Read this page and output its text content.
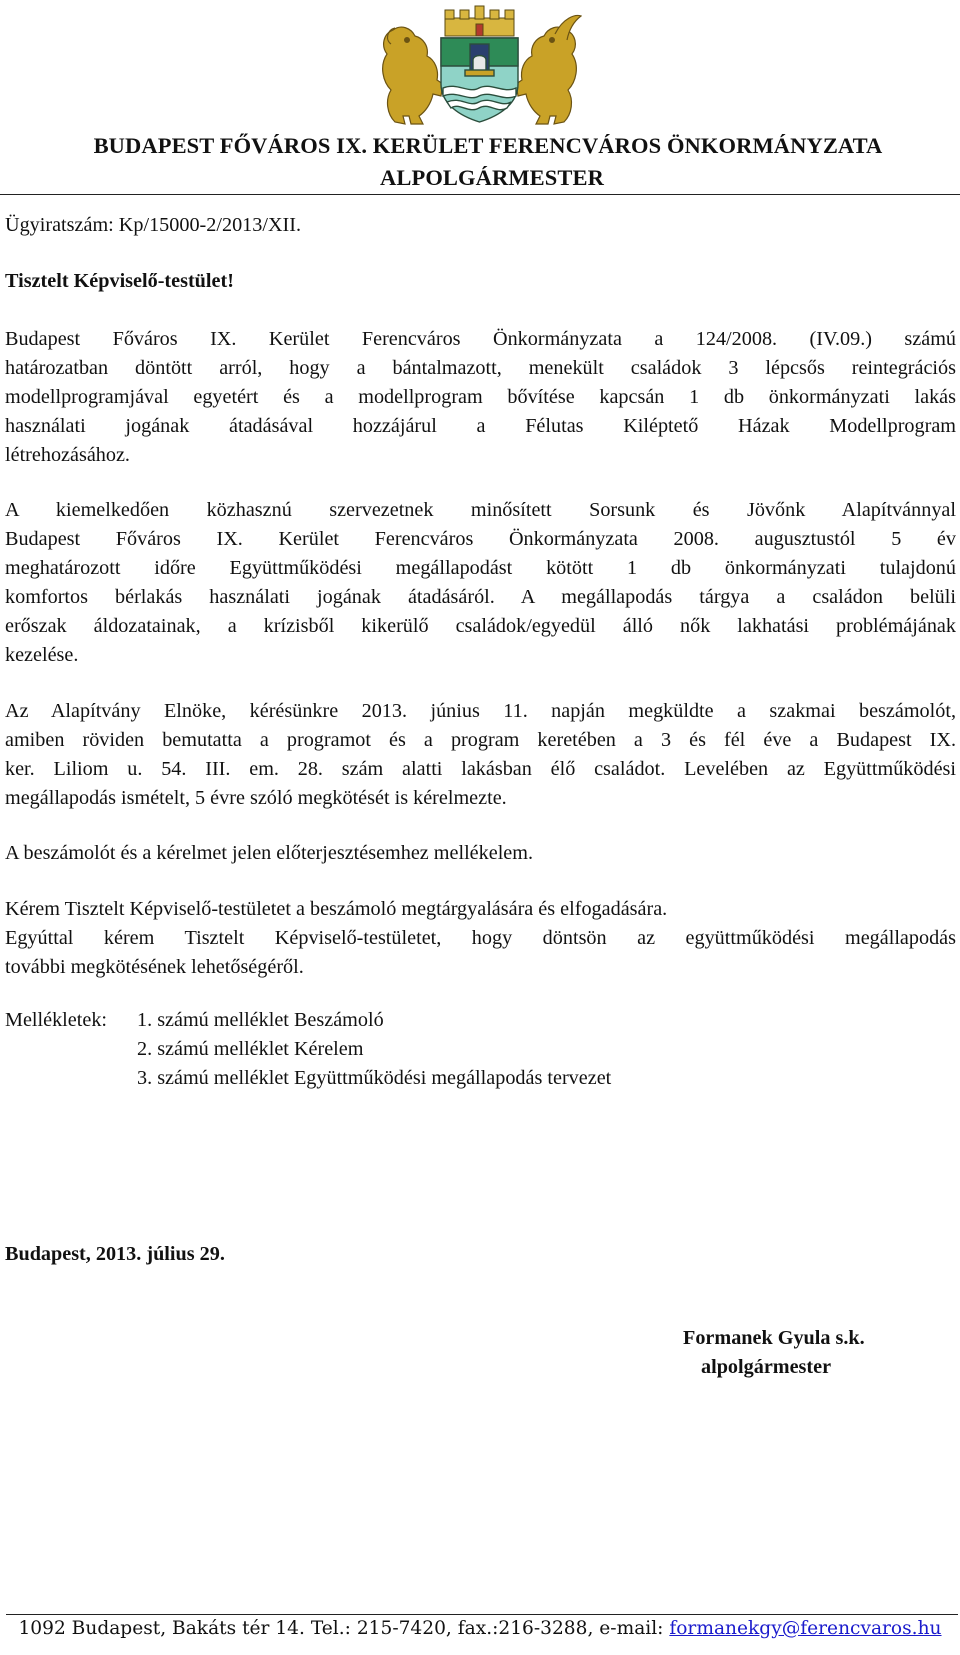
BUDAPEST FŐVÁROS IX. KERÜLET FERENCVÁROS ÖNKORMÁNYZATA
ALPOLGÁRMESTER
Ügyiratszám: Kp/15000-2/2013/XII.
Tisztelt Képviselő-testület!
Budapest Főváros IX. Kerület Ferencváros Önkormányzata a 124/2008. (IV.09.) számú
határozatban döntött arról, hogy a bántalmazott, menekült családok 3 lépcsős reintegrációs
modellprogramjával egyetért és a modellprogram bővítése kapcsán 1 db önkormányzati lakás
használati jogának átadásával hozzájárul a Félutas Kiléptető Házak Modellprogram
létrehozásához.
A kiemelkedően közhasznú szervezetnek minősített Sorsunk és Jövőnk Alapítvánnyal
Budapest Főváros IX. Kerület Ferencváros Önkormányzata 2008. augusztustól 5 év
meghatározott időre Együttműködési megállapodást kötött 1 db önkormányzati tulajdonú
komfortos bérlakás használati jogának átadásáról. A megállapodás tárgya a családon belüli
erőszak áldozatainak, a krízisből kikerülő családok/egyedül álló nők lakhatási problémájának
kezelése.
Az Alapítvány Elnöke, kérésünkre 2013. június 11. napján megküldte a szakmai beszámolót,
amiben röviden bemutatta a programot és a program keretében a 3 és fél éve a Budapest IX.
ker. Liliom u. 54. III. em. 28. szám alatti lakásban élő családot. Levelében az Együttműködési
megállapodás ismételt, 5 évre szóló megkötését is kérelmezte.
A beszámolót és a kérelmet jelen előterjesztésemhez mellékelem.
Kérem Tisztelt Képviselő-testületet a beszámoló megtárgyalására és elfogadására.
Egyúttal kérem Tisztelt Képviselő-testületet, hogy döntsön az együttműködési megállapodás
további megkötésének lehetőségéről.
Mellékletek: 1. számú melléklet Beszámoló
2. számú melléklet Kérelem
3. számú melléklet Együttműködési megállapodás tervezet
Budapest, 2013. július 29.
Formanek Gyula s.k.
alpolgármester
1092 Budapest, Bakáts tér 14. Tel.: 215-7420, fax.:216-3288, e-mail: formanekgy@ferencvaros.hu
